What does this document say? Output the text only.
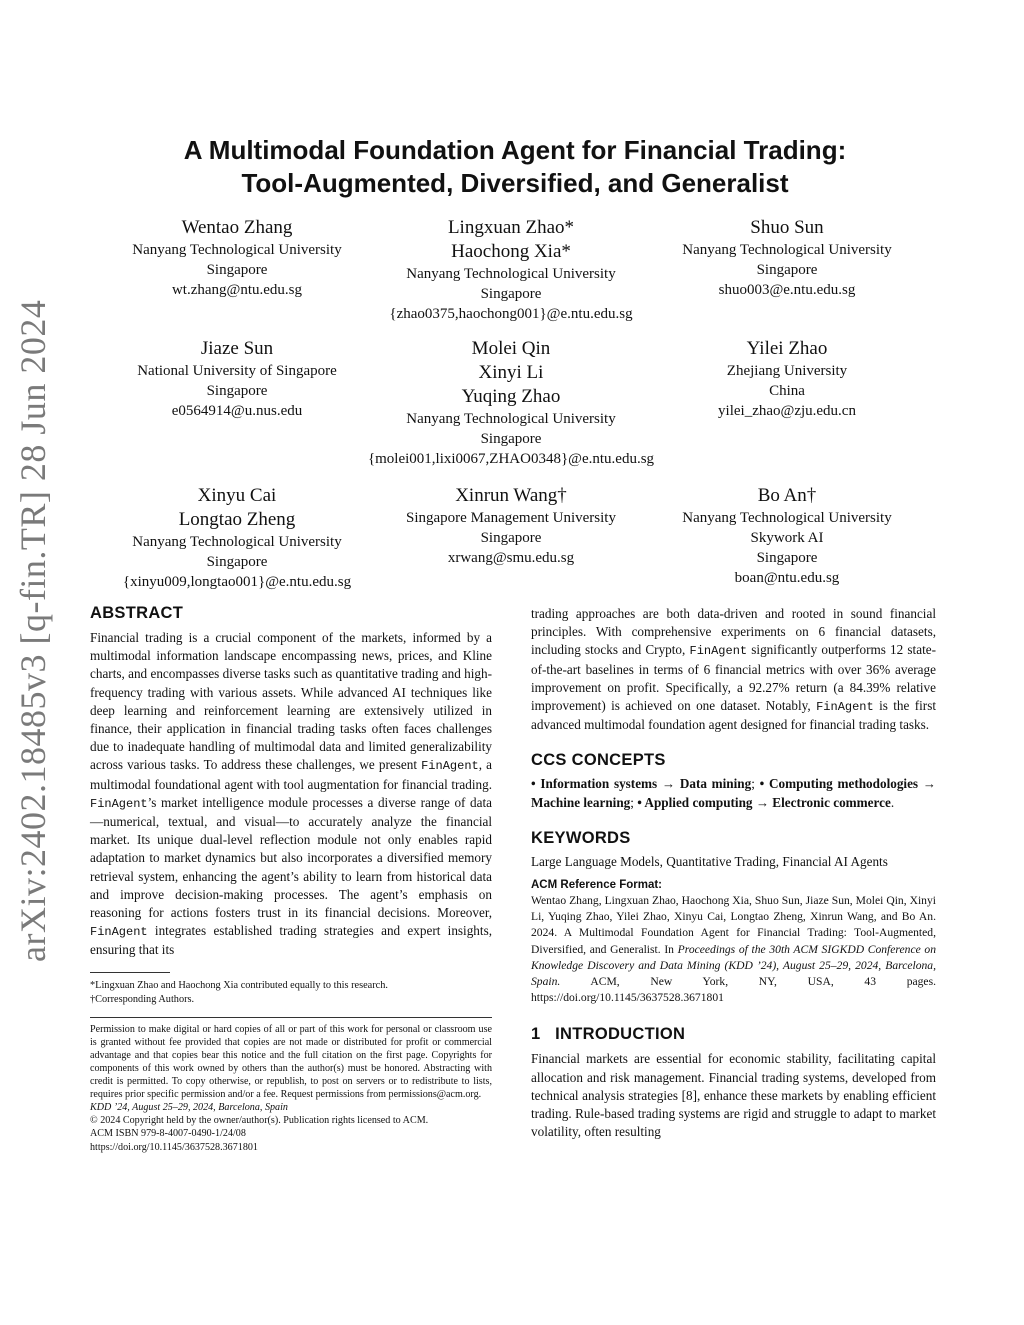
arXiv:2402.18485v3 [q-fin.TR] 28 Jun 2024
A Multimodal Foundation Agent for Financial Trading:
Tool-Augmented, Diversified, and Generalist
Wentao Zhang
Nanyang Technological University
Singapore
wt.zhang@ntu.edu.sg
Lingxuan Zhao*
Haochong Xia*
Nanyang Technological University
Singapore
{zhao0375,haochong001}@e.ntu.edu.sg
Shuo Sun
Nanyang Technological University
Singapore
shuo003@e.ntu.edu.sg
Jiaze Sun
National University of Singapore
Singapore
e0564914@u.nus.edu
Molei Qin
Xinyi Li
Yuqing Zhao
Nanyang Technological University
Singapore
{molei001,lixi0067,ZHAO0348}@e.ntu.edu.sg
Yilei Zhao
Zhejiang University
China
yilei_zhao@zju.edu.cn
Xinyu Cai
Longtao Zheng
Nanyang Technological University
Singapore
{xinyu009,longtao001}@e.ntu.edu.sg
Xinrun Wang†
Singapore Management University
Singapore
xrwang@smu.edu.sg
Bo An†
Nanyang Technological University
Skywork AI
Singapore
boan@ntu.edu.sg
ABSTRACT

Financial trading is a crucial component of the markets, informed by a multimodal information landscape encompassing news, prices, and Kline charts, and encompasses diverse tasks such as quantitative trading and high-frequency trading with various assets. While advanced AI techniques like deep learning and reinforcement learning are extensively utilized in finance, their application in financial trading tasks often faces challenges due to inadequate handling of multimodal data and limited generalizability across various tasks. To address these challenges, we present FinAgent, a multimodal foundational agent with tool augmentation for financial trading. FinAgent’s market intelligence module processes a diverse range of data—numerical, textual, and visual—to accurately analyze the financial market. Its unique dual-level reflection module not only enables rapid adaptation to market dynamics but also incorporates a diversified memory retrieval system, enhancing the agent’s ability to learn from historical data and improve decision-making processes. The agent’s emphasis on reasoning for actions fosters trust in its financial decisions. Moreover, FinAgent integrates established trading strategies and expert insights, ensuring that its

*Lingxuan Zhao and Haochong Xia contributed equally to this research.
†Corresponding Authors.
Permission to make digital or hard copies of all or part of this work for personal or classroom use is granted without fee provided that copies are not made or distributed for profit or commercial advantage and that copies bear this notice and the full citation on the first page. Copyrights for components of this work owned by others than the author(s) must be honored. Abstracting with credit is permitted. To copy otherwise, or republish, to post on servers or to redistribute to lists, requires prior specific permission and/or a fee. Request permissions from permissions@acm.org.
KDD ’24, August 25–29, 2024, Barcelona, Spain
© 2024 Copyright held by the owner/author(s). Publication rights licensed to ACM.
ACM ISBN 979-8-4007-0490-1/24/08
https://doi.org/10.1145/3637528.3671801

trading approaches are both data-driven and rooted in sound financial principles. With comprehensive experiments on 6 financial datasets, including stocks and Crypto, FinAgent significantly outperforms 12 state-of-the-art baselines in terms of 6 financial metrics with over 36% average improvement on profit. Specifically, a 92.27% return (a 84.39% relative improvement) is achieved on one dataset. Notably, FinAgent is the first advanced multimodal foundation agent designed for financial trading tasks.

CCS CONCEPTS
• Information systems → Data mining; • Computing methodologies → Machine learning; • Applied computing → Electronic commerce.
KEYWORDS

Large Language Models, Quantitative Trading, Financial AI Agents

ACM Reference Format:
Wentao Zhang, Lingxuan Zhao, Haochong Xia, Shuo Sun, Jiaze Sun, Molei Qin, Xinyi Li, Yuqing Zhao, Yilei Zhao, Xinyu Cai, Longtao Zheng, Xinrun Wang, and Bo An. 2024. A Multimodal Foundation Agent for Financial Trading: Tool-Augmented, Diversified, and Generalist. In Proceedings of the 30th ACM SIGKDD Conference on Knowledge Discovery and Data Mining (KDD ’24), August 25–29, 2024, Barcelona, Spain. ACM, New York, NY, USA, 43 pages. https://doi.org/10.1145/3637528.3671801
1   INTRODUCTION

Financial markets are essential for economic stability, facilitating capital allocation and risk management. Financial trading systems, developed from technical analysis strategies [8], enhance these markets by enabling efficient trading. Rule-based trading systems are rigid and struggle to adapt to market volatility, often resulting
